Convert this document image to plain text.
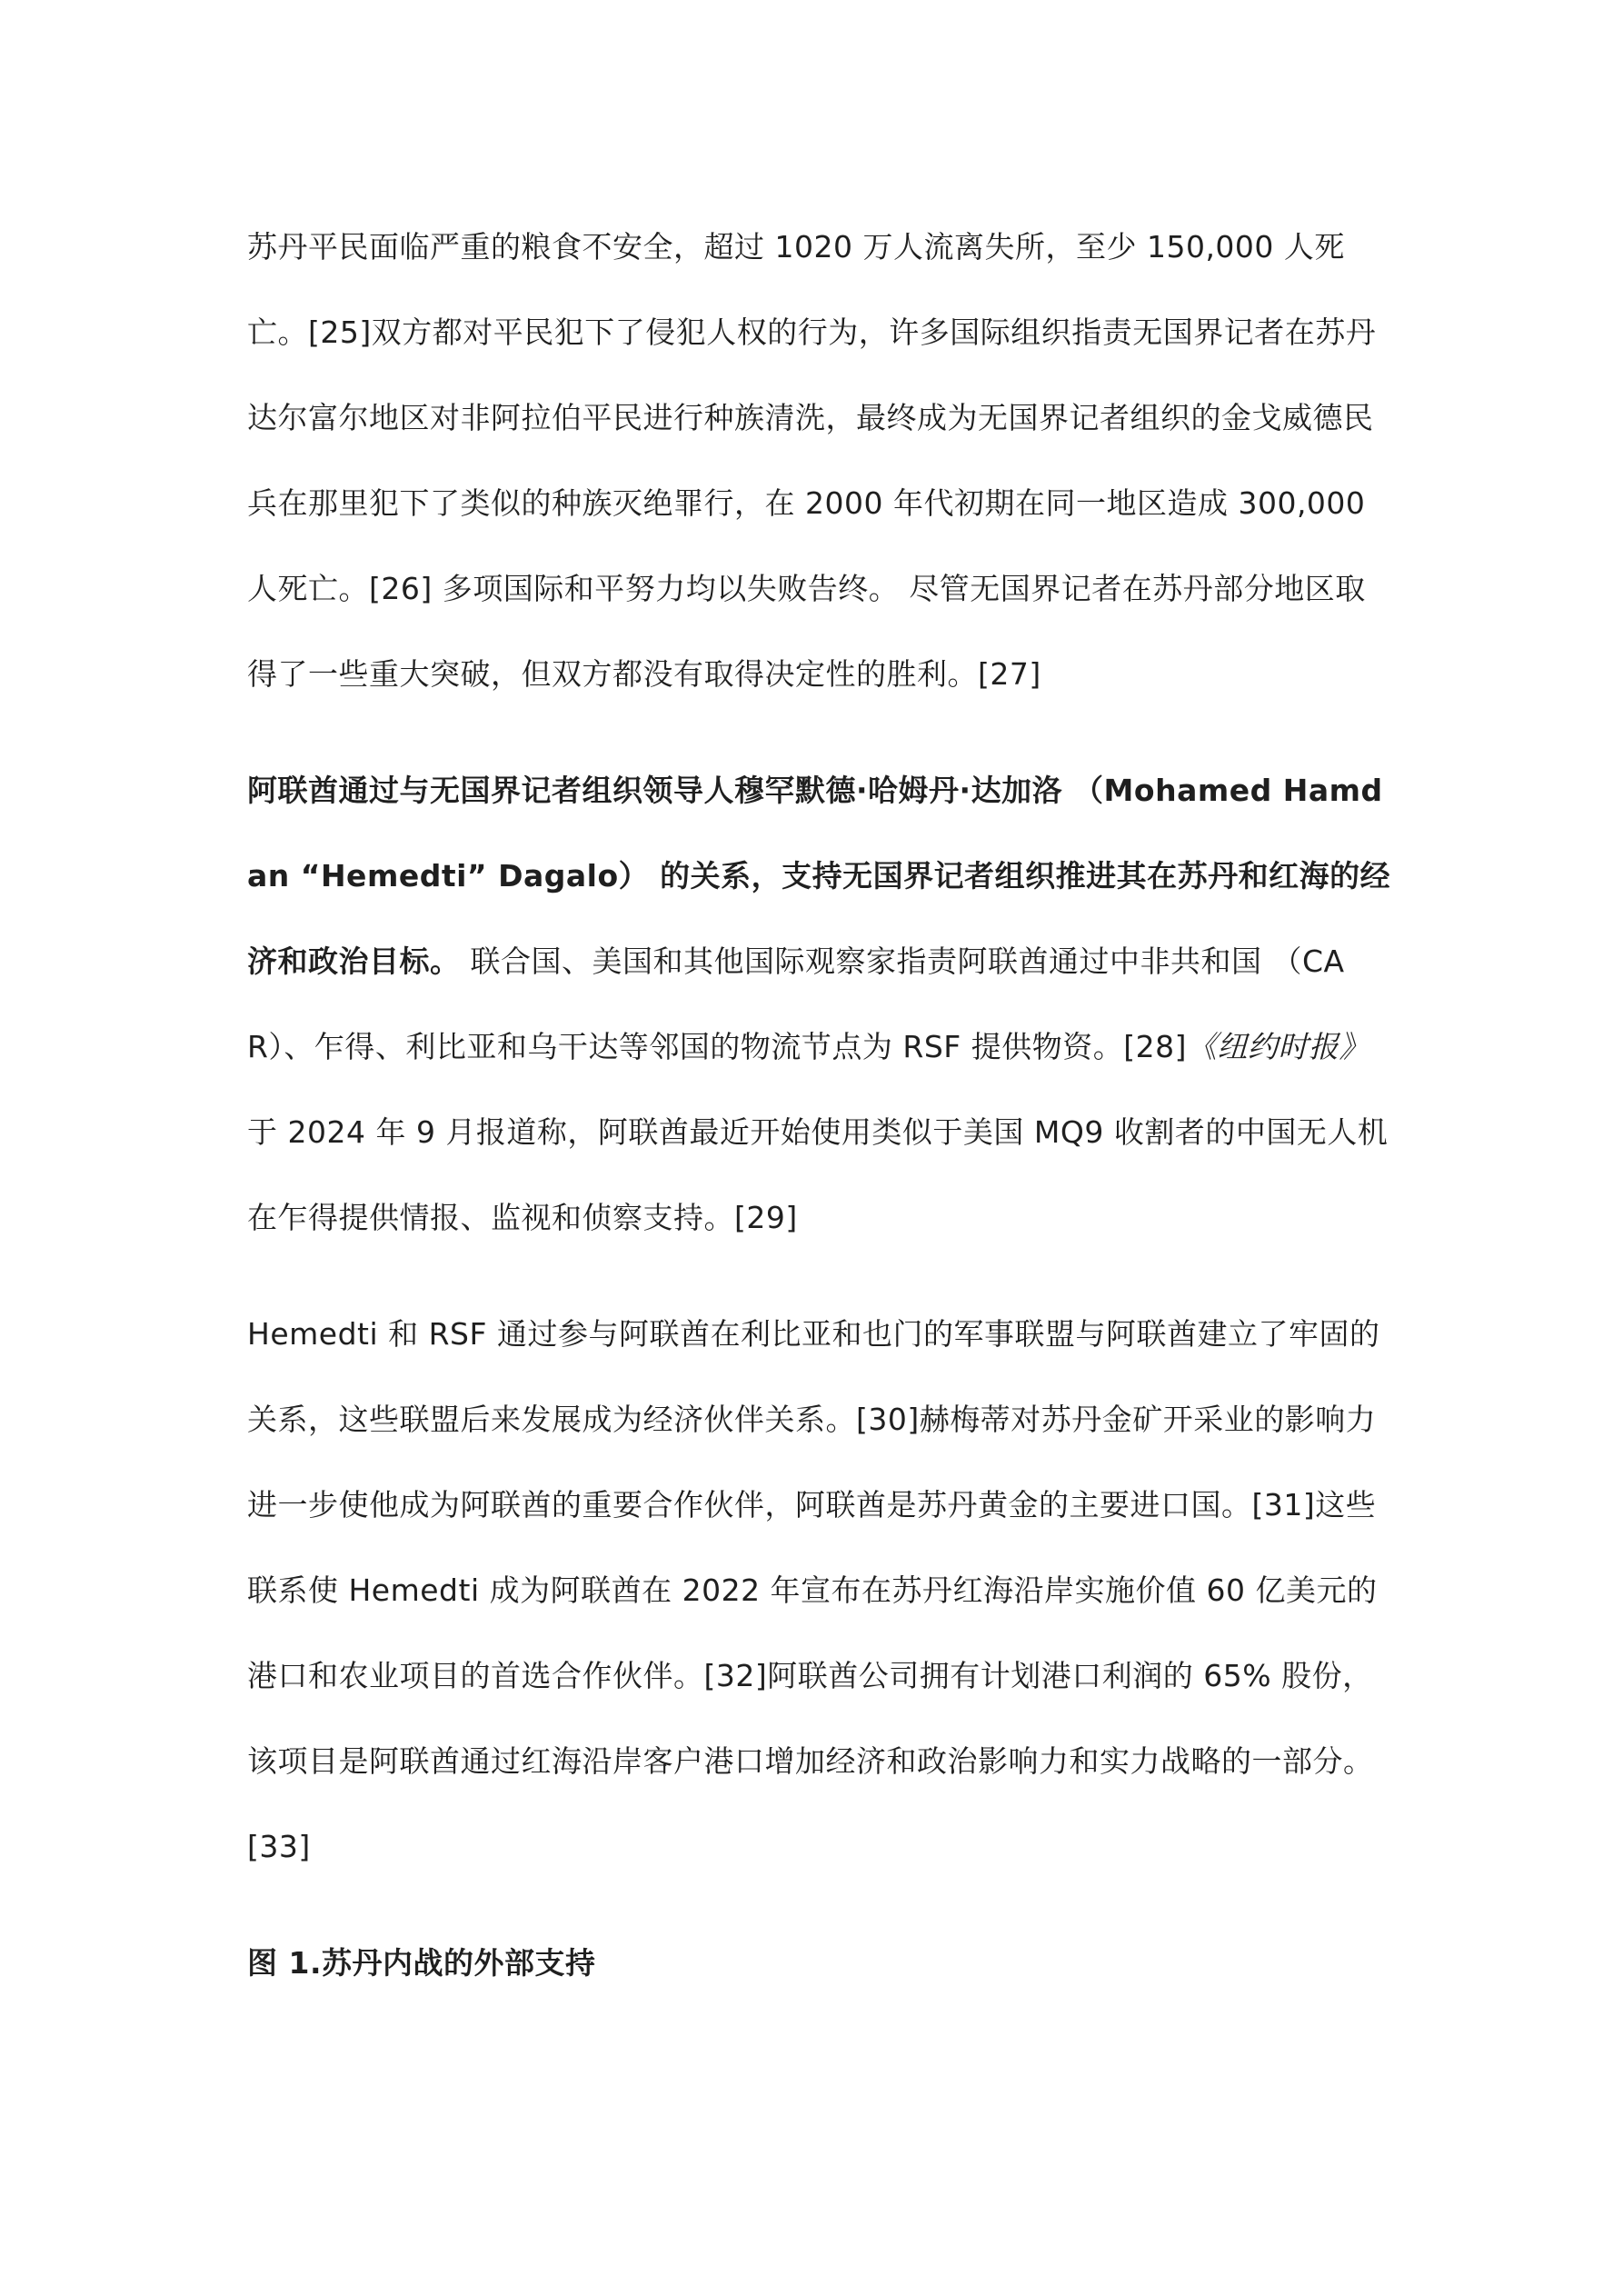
苏丹平民面临严重的粮食不安全，超过 1020 万人流离失所，至少 150,000 人死亡。[25]双方都对平民犯下了侵犯人权的行为，许多国际组织指责无国界记者在苏丹达尔富尔地区对非阿拉伯平民进行种族清洗，最终成为无国界记者组织的金戈威德民兵在那里犯下了类似的种族灭绝罪行，在 2000 年代初期在同一地区造成 300,000 人死亡。[26] 多项国际和平努力均以失败告终。 尽管无国界记者在苏丹部分地区取得了一些重大突破，但双方都没有取得决定性的胜利。[27]

阿联酋通过与无国界记者组织领导人穆罕默德·哈姆丹·达加洛 （Mohamed Hamdan “Hemedti” Dagalo） 的关系，支持无国界记者组织推进其在苏丹和红海的经济和政治目标。 联合国、美国和其他国际观察家指责阿联酋通过中非共和国 （CAR）、乍得、利比亚和乌干达等邻国的物流节点为 RSF 提供物资。[28]《纽约时报》于 2024 年 9 月报道称，阿联酋最近开始使用类似于美国 MQ9 收割者的中国无人机在乍得提供情报、监视和侦察支持。[29]

Hemedti 和 RSF 通过参与阿联酋在利比亚和也门的军事联盟与阿联酋建立了牢固的关系，这些联盟后来发展成为经济伙伴关系。[30]赫梅蒂对苏丹金矿开采业的影响力进一步使他成为阿联酋的重要合作伙伴，阿联酋是苏丹黄金的主要进口国。[31]这些联系使 Hemedti 成为阿联酋在 2022 年宣布在苏丹红海沿岸实施价值 60 亿美元的港口和农业项目的首选合作伙伴。[32]阿联酋公司拥有计划港口利润的 65% 股份，该项目是阿联酋通过红海沿岸客户港口增加经济和政治影响力和实力战略的一部分。[33]

图 1.苏丹内战的外部支持
